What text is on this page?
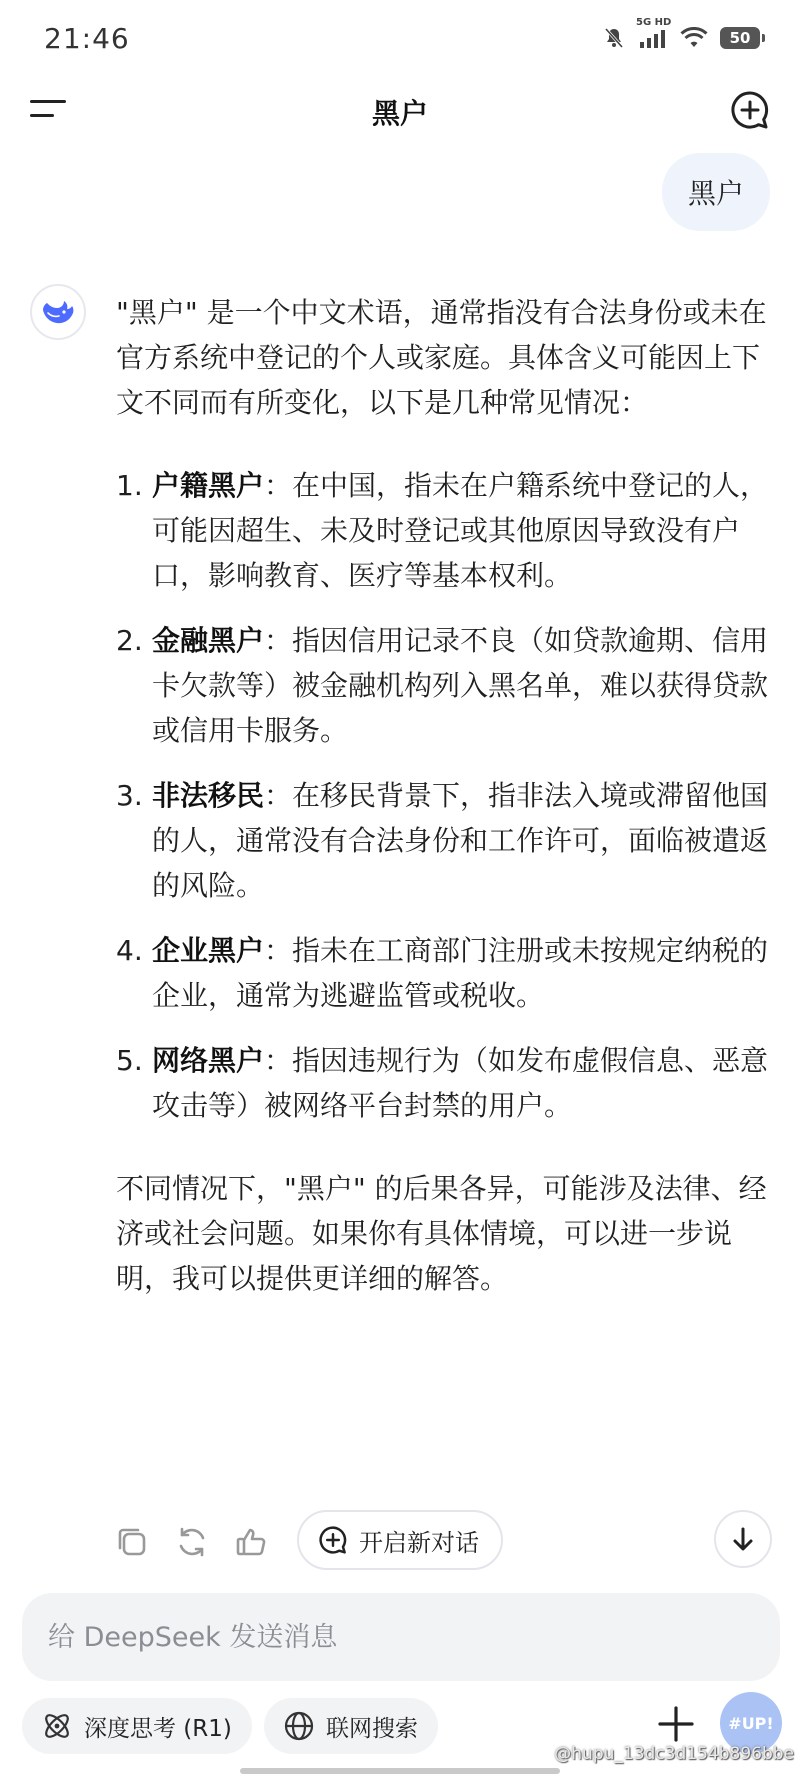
21:46	5G HD
50
黑户
黑户

"黑户" 是一个中文术语，通常指没有合法身份或未在官方系统中登记的个人或家庭。具体含义可能因上下文不同而有所变化，以下是几种常见情况：

1. 户籍黑户：在中国，指未在户籍系统中登记的人，可能因超生、未及时登记或其他原因导致没有户口，影响教育、医疗等基本权利。
2. 金融黑户：指因信用记录不良（如贷款逾期、信用卡欠款等）被金融机构列入黑名单，难以获得贷款或信用卡服务。
3. 非法移民：在移民背景下，指非法入境或滞留他国的人，通常没有合法身份和工作许可，面临被遣返的风险。
4. 企业黑户：指未在工商部门注册或未按规定纳税的企业，通常为逃避监管或税收。
5. 网络黑户：指因违规行为（如发布虚假信息、恶意攻击等）被网络平台封禁的用户。

不同情况下，"黑户" 的后果各异，可能涉及法律、经济或社会问题。如果你有具体情境，可以进一步说明，我可以提供更详细的解答。

开启新对话
给 DeepSeek 发送消息
深度思考 (R1)	联网搜索	#UP!
@hupu_13dc3d154b896bbe
